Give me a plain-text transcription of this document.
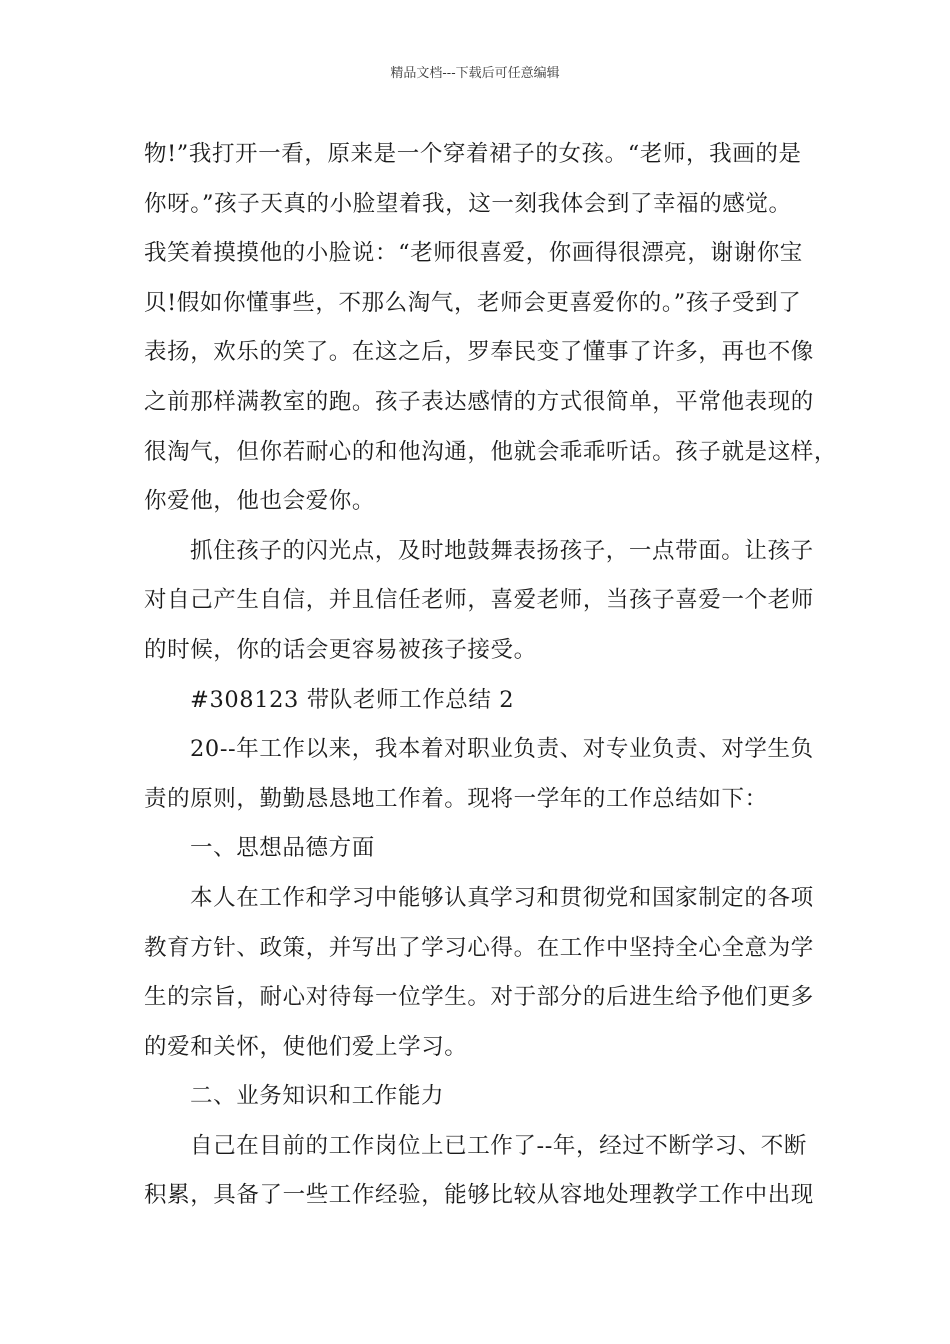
精品文档---下载后可任意编辑
物!”我打开一看，原来是一个穿着裙子的女孩。“老师，我画的是
你呀。”孩子天真的小脸望着我，这一刻我体会到了幸福的感觉。
我笑着摸摸他的小脸说：“老师很喜爱，你画得很漂亮，谢谢你宝
贝!假如你懂事些，不那么淘气，老师会更喜爱你的。”孩子受到了
表扬，欢乐的笑了。在这之后，罗奉民变了懂事了许多，再也不像
之前那样满教室的跑。孩子表达感情的方式很简单，平常他表现的
很淘气，但你若耐心的和他沟通，他就会乖乖听话。孩子就是这样，
你爱他，他也会爱你。
抓住孩子的闪光点，及时地鼓舞表扬孩子，一点带面。让孩子
对自己产生自信，并且信任老师，喜爱老师，当孩子喜爱一个老师
的时候，你的话会更容易被孩子接受。
#308123 带队老师工作总结 2
20--年工作以来，我本着对职业负责、对专业负责、对学生负
责的原则，勤勤恳恳地工作着。现将一学年的工作总结如下：
一、思想品德方面
本人在工作和学习中能够认真学习和贯彻党和国家制定的各项
教育方针、政策，并写出了学习心得。在工作中坚持全心全意为学
生的宗旨，耐心对待每一位学生。对于部分的后进生给予他们更多
的爱和关怀，使他们爱上学习。
二、业务知识和工作能力
自己在目前的工作岗位上已工作了--年，经过不断学习、不断
积累，具备了一些工作经验，能够比较从容地处理教学工作中出现
